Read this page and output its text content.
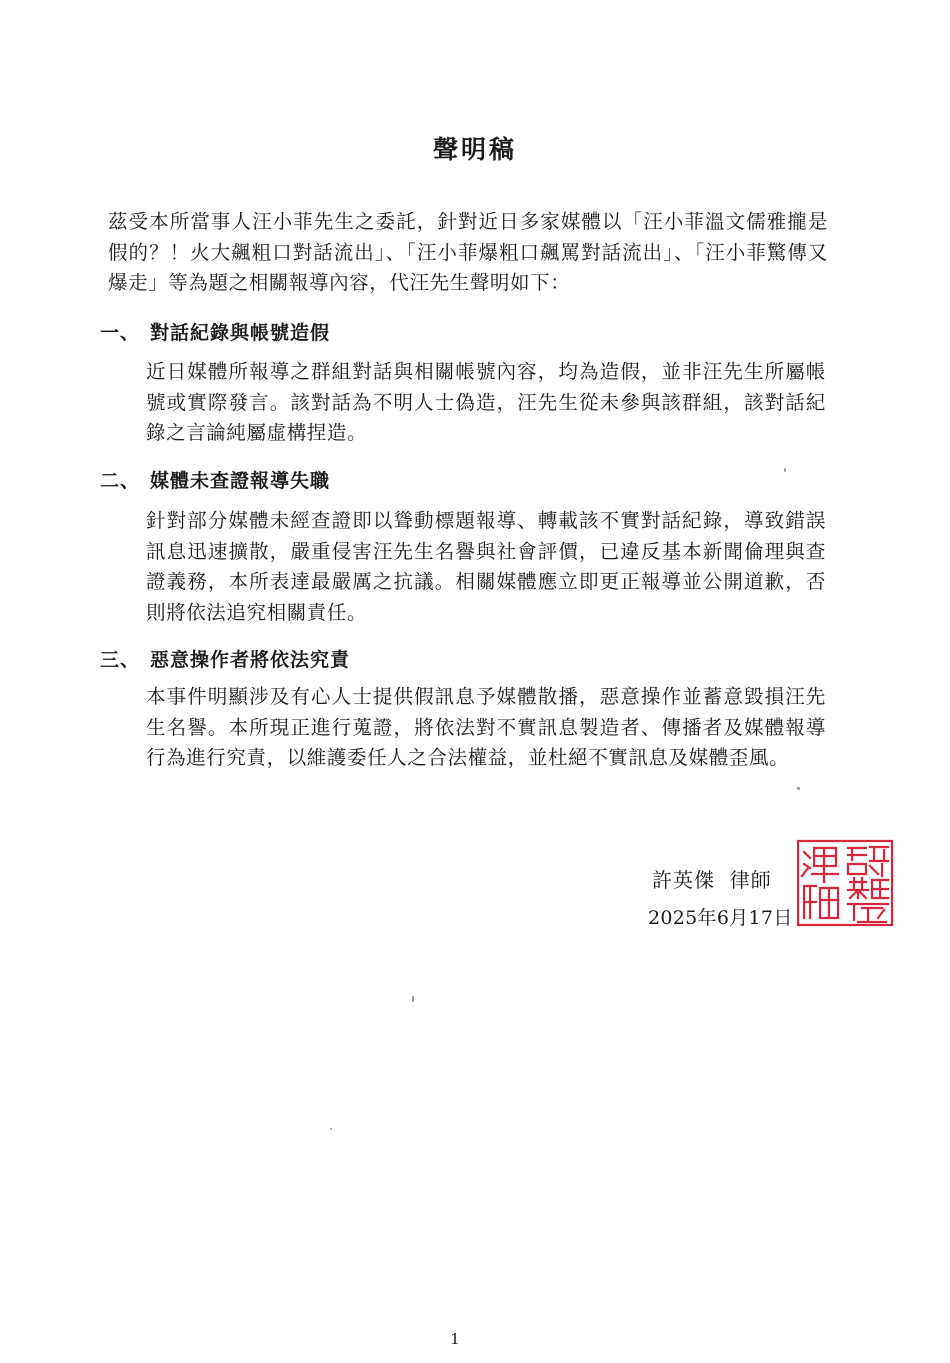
聲明稿
茲受本所當事人汪小菲先生之委託，針對近日多家媒體以「汪小菲溫文儒雅攏是假的？！火大飆粗口對話流出」、「汪小菲爆粗口飆罵對話流出」、「汪小菲驚傳又爆走」等為題之相關報導內容，代汪先生聲明如下：
一、 對話紀錄與帳號造假
近日媒體所報導之群組對話與相關帳號內容，均為造假，並非汪先生所屬帳號或實際發言。該對話為不明人士偽造，汪先生從未參與該群組，該對話紀錄之言論純屬虛構捏造。
二、 媒體未查證報導失職
針對部分媒體未經查證即以聳動標題報導、轉載該不實對話紀錄，導致錯誤訊息迅速擴散，嚴重侵害汪先生名譽與社會評價，已違反基本新聞倫理與查證義務，本所表達最嚴厲之抗議。相關媒體應立即更正報導並公開道歉，否則將依法追究相關責任。
三、 惡意操作者將依法究責
本事件明顯涉及有心人士提供假訊息予媒體散播，惡意操作並蓄意毀損汪先生名譽。本所現正進行蒐證，將依法對不實訊息製造者、傳播者及媒體報導行為進行究責，以維護委任人之合法權益，並杜絕不實訊息及媒體歪風。
許英傑  律師
2025年6月17日
1
